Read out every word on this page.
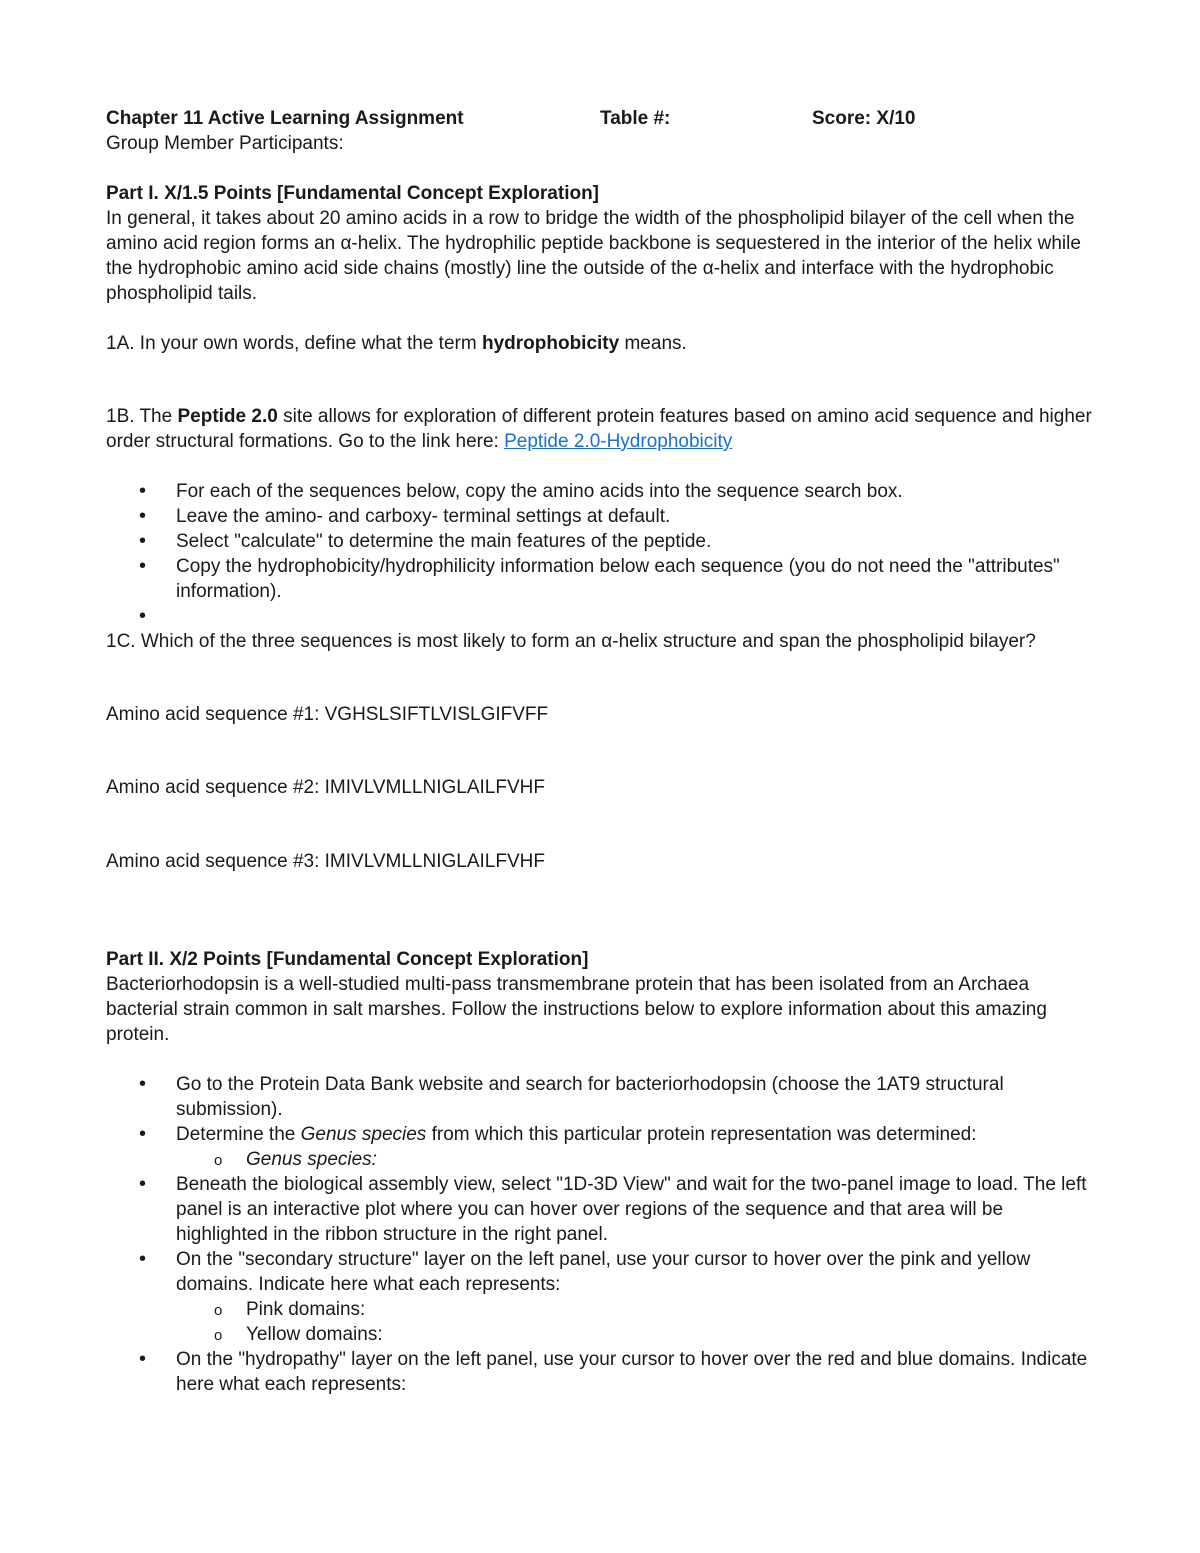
Chapter 11 Active Learning Assignment	Table #:	Score: X/10
Group Member Participants:
Part I. X/1.5 Points [Fundamental Concept Exploration]
In general, it takes about 20 amino acids in a row to bridge the width of the phospholipid bilayer of the cell when the amino acid region forms an α-helix. The hydrophilic peptide backbone is sequestered in the interior of the helix while the hydrophobic amino acid side chains (mostly) line the outside of the α-helix and interface with the hydrophobic phospholipid tails.
1A. In your own words, define what the term hydrophobicity means.
1B. The Peptide 2.0 site allows for exploration of different protein features based on amino acid sequence and higher order structural formations. Go to the link here: Peptide 2.0-Hydrophobicity
• For each of the sequences below, copy the amino acids into the sequence search box.
• Leave the amino- and carboxy- terminal settings at default.
• Select "calculate" to determine the main features of the peptide.
• Copy the hydrophobicity/hydrophilicity information below each sequence (you do not need the "attributes" information).
•
1C. Which of the three sequences is most likely to form an α-helix structure and span the phospholipid bilayer?
Amino acid sequence #1: VGHSLSIFTLVISLGIFVFF
Amino acid sequence #2: IMIVLVMLLNIGLAILFVHF
Amino acid sequence #3: IMIVLVMLLNIGLAILFVHF
Part II. X/2 Points [Fundamental Concept Exploration]
Bacteriorhodopsin is a well-studied multi-pass transmembrane protein that has been isolated from an Archaea bacterial strain common in salt marshes. Follow the instructions below to explore information about this amazing protein.
• Go to the Protein Data Bank website and search for bacteriorhodopsin (choose the 1AT9 structural submission).
• Determine the Genus species from which this particular protein representation was determined:
o Genus species:
• Beneath the biological assembly view, select "1D-3D View" and wait for the two-panel image to load. The left panel is an interactive plot where you can hover over regions of the sequence and that area will be highlighted in the ribbon structure in the right panel.
• On the "secondary structure" layer on the left panel, use your cursor to hover over the pink and yellow domains. Indicate here what each represents:
o Pink domains:
o Yellow domains:
• On the "hydropathy" layer on the left panel, use your cursor to hover over the red and blue domains. Indicate here what each represents:
